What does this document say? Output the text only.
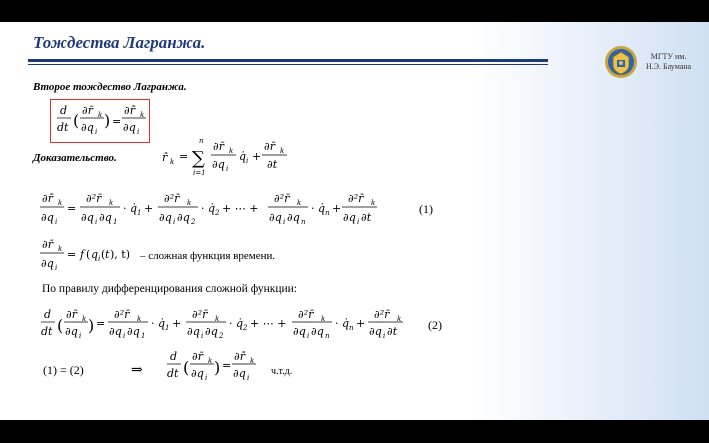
Тождества Лагранжа.
МГТУ им.
Н.Э. Баумана
Второе тождество Лагранжа.
Доказательство.
– сложная функция времени.
По правилу дифференцирования сложной функции:
(1)
(2)
(1) = (2)	⇒	ч.т.д.
d
dt (
∂r̄ k
∂q i
) =
∂r̄̇ k
∂q i
r̄̇ k =
n
∑
i=1
∂r̄ k
∂q i
q̇ i +
∂r̄ k
∂t
∂r̄̇ k
∂q i
=
∂²r̄ k
∂q i ∂q 1
· q̇ 1 +
∂²r̄ k
∂q i ∂q 2
· q̇ 2 + ⋯ +
∂²r̄ k
∂q i ∂q n
· q̇ n +
∂²r̄ k
∂q i ∂t
∂r̄ k
∂q i
= f ( q i ( t ), t)
d
dt (
∂r̄ k
∂q i
) =
∂²r̄ k
∂q i ∂q 1
· q̇ 1 +
∂²r̄ k
∂q i ∂q 2
· q̇ 2 + ⋯ +
∂²r̄ k
∂q i ∂q n
· q̇ n +
∂²r̄ k
∂q i ∂t
d
dt (
∂r̄ k
∂q i
) =
∂r̄̇ k
∂q i
